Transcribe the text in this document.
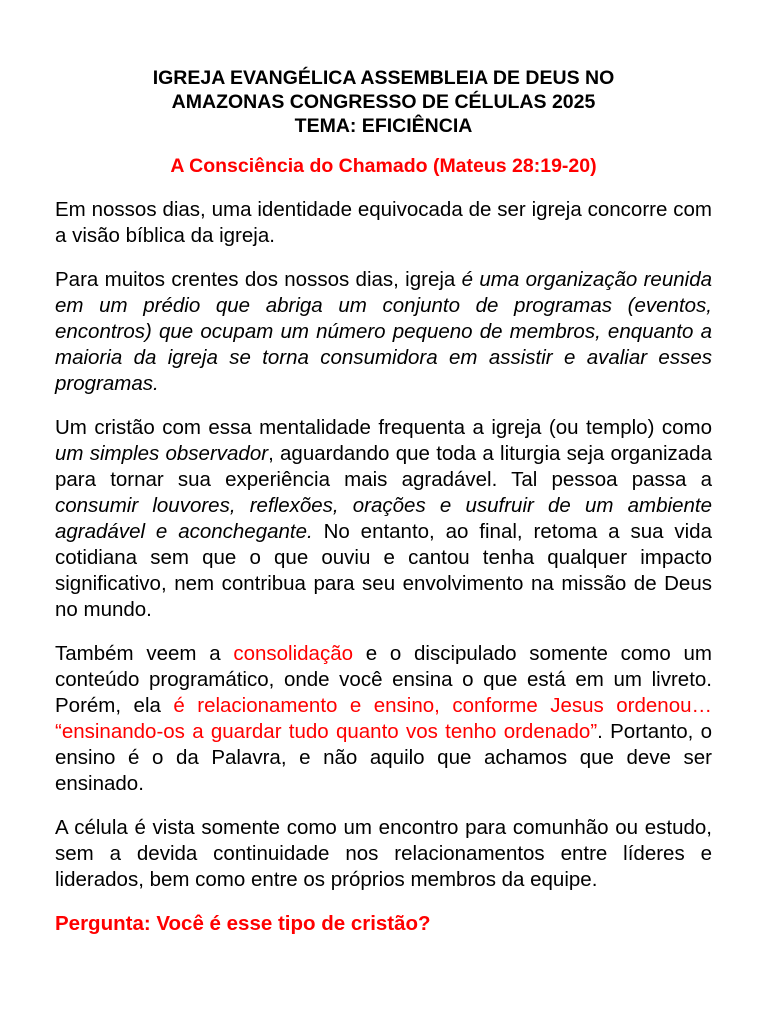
IGREJA EVANGÉLICA ASSEMBLEIA DE DEUS NO
AMAZONAS CONGRESSO DE CÉLULAS 2025
TEMA: EFICIÊNCIA
A Consciência do Chamado (Mateus 28:19-20)

Em nossos dias, uma identidade equivocada de ser igreja concorre com a visão bíblica da igreja.

Para muitos crentes dos nossos dias, igreja é uma organização reunida em um prédio que abriga um conjunto de programas (eventos, encontros) que ocupam um número pequeno de membros, enquanto a maioria da igreja se torna consumidora em assistir e avaliar esses programas.

Um cristão com essa mentalidade frequenta a igreja (ou templo) como um simples observador, aguardando que toda a liturgia seja organizada para tornar sua experiência mais agradável. Tal pessoa passa a consumir louvores, reflexões, orações e usufruir de um ambiente agradável e aconchegante. No entanto, ao final, retoma a sua vida cotidiana sem que o que ouviu e cantou tenha qualquer impacto significativo, nem contribua para seu envolvimento na missão de Deus no mundo.

Também veem a consolidação e o discipulado somente como um conteúdo programático, onde você ensina o que está em um livreto. Porém, ela é relacionamento e ensino, conforme Jesus ordenou… “ensinando-os a guardar tudo quanto vos tenho ordenado”. Portanto, o ensino é o da Palavra, e não aquilo que achamos que deve ser ensinado.

A célula é vista somente como um encontro para comunhão ou estudo, sem a devida continuidade nos relacionamentos entre líderes e liderados, bem como entre os próprios membros da equipe.

Pergunta: Você é esse tipo de cristão?
